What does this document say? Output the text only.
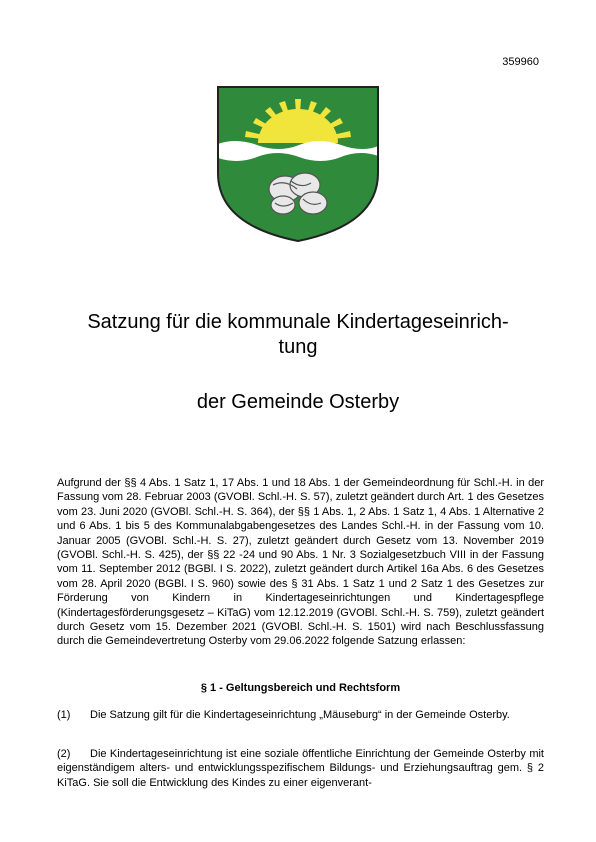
359960
Satzung für die kommunale Kindertageseinrich-
tung
der Gemeinde Osterby
Aufgrund der §§ 4 Abs. 1 Satz 1, 17 Abs. 1 und 18 Abs. 1 der Gemeindeordnung für Schl.-H. in der Fassung vom 28. Februar 2003 (GVOBl. Schl.-H. S. 57), zuletzt geändert durch Art. 1 des Gesetzes vom 23. Juni 2020 (GVOBl. Schl.-H. S. 364), der §§ 1 Abs. 1, 2 Abs. 1 Satz 1, 4 Abs. 1 Alternative 2 und 6 Abs. 1 bis 5 des Kommunalabgabengesetzes des Landes Schl.-H. in der Fassung vom 10. Januar 2005 (GVOBl. Schl.-H. S. 27), zuletzt geändert durch Gesetz vom 13. November 2019 (GVOBl. Schl.-H. S. 425), der §§ 22 -24 und 90 Abs. 1 Nr. 3 Sozialgesetzbuch VIII in der Fassung vom 11. September 2012 (BGBl. I S. 2022), zuletzt geändert durch Artikel 16a Abs. 6 des Gesetzes vom 28. April 2020 (BGBl. I S. 960) sowie des § 31 Abs. 1 Satz 1 und 2 Satz 1 des Gesetzes zur Förderung von Kindern in Kindertageseinrichtungen und Kindertagespflege (Kindertagesförderungsgesetz – KiTaG) vom 12.12.2019 (GVOBl. Schl.-H. S. 759), zuletzt geändert durch Gesetz vom 15. Dezember 2021 (GVOBl. Schl.-H. S. 1501) wird nach Beschlussfassung durch die Gemeindevertretung Osterby vom 29.06.2022 folgende Satzung erlassen:
§ 1 - Geltungsbereich und Rechtsform
(1) Die Satzung gilt für die Kindertageseinrichtung „Mäuseburg“ in der Gemeinde Osterby.
(2) Die Kindertageseinrichtung ist eine soziale öffentliche Einrichtung der Gemeinde Osterby mit eigenständigem alters- und entwicklungsspezifischem Bildungs- und Erziehungsauftrag gem. § 2 KiTaG. Sie soll die Entwicklung des Kindes zu einer eigenverant-
